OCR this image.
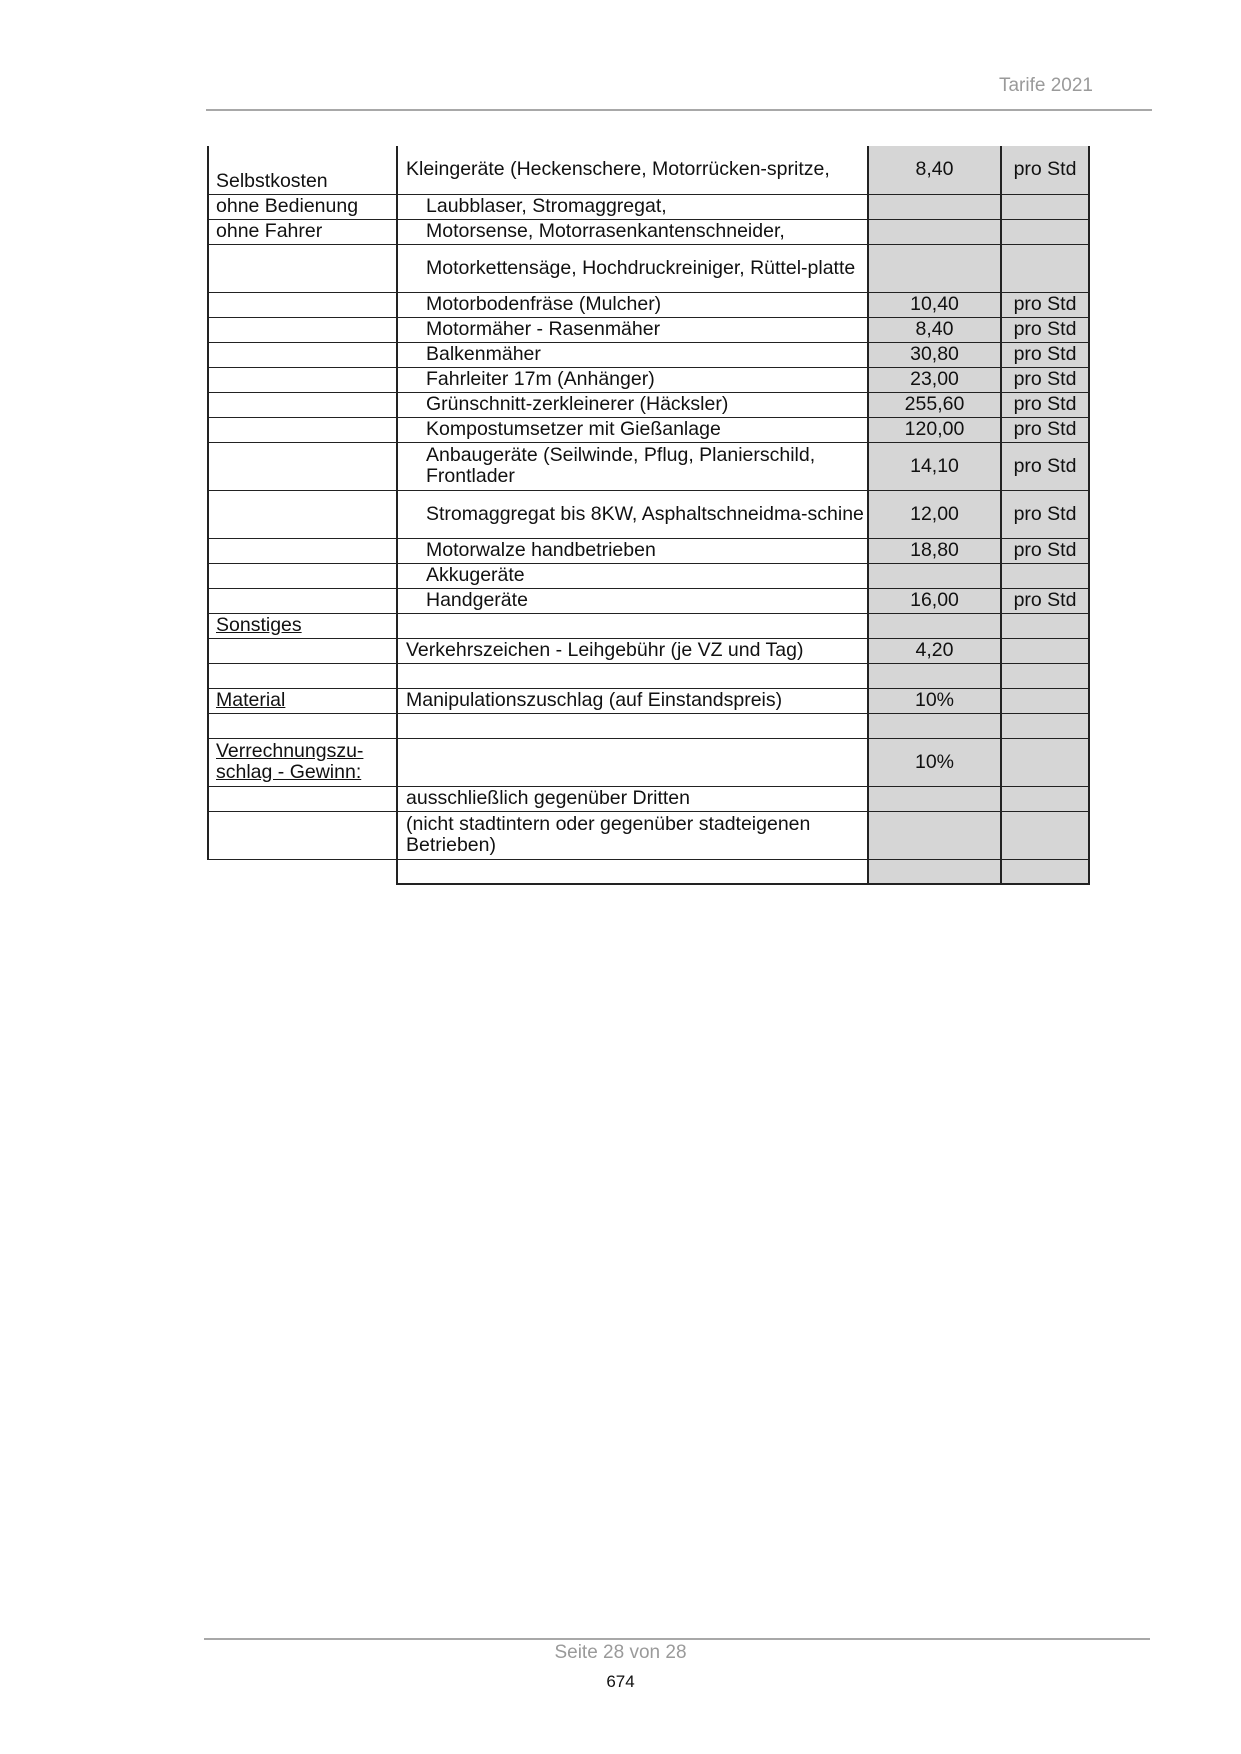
Tarife 2021
Selbstkosten	Kleingeräte (Heckenschere, Motorrücken-spritze,	8,40	pro Std
ohne Bedienung	Laubblaser, Stromaggregat,		
ohne Fahrer	Motorsense, Motorrasenkantenschneider,		
	Motorkettensäge, Hochdruckreiniger, Rüttel-platte		
	Motorbodenfräse (Mulcher)	10,40	pro Std
	Motormäher - Rasenmäher	8,40	pro Std
	Balkenmäher	30,80	pro Std
	Fahrleiter 17m (Anhänger)	23,00	pro Std
	Grünschnitt-zerkleinerer (Häcksler)	255,60	pro Std
	Kompostumsetzer mit Gießanlage	120,00	pro Std
	Anbaugeräte (Seilwinde, Pflug, Planierschild, Frontlader	14,10	pro Std
	Stromaggregat bis 8KW, Asphaltschneidma-schine	12,00	pro Std
	Motorwalze handbetrieben	18,80	pro Std
	Akkugeräte		
	Handgeräte	16,00	pro Std
Sonstiges			
	Verkehrszeichen - Leihgebühr (je VZ und Tag)	4,20	

Material	Manipulationszuschlag (auf Einstandspreis)	10%	

Verrechnungszu-schlag - Gewinn:		10%	
	ausschließlich gegenüber Dritten		
	(nicht stadtintern oder gegenüber stadteigenen Betrieben)		

Seite 28 von 28
674
